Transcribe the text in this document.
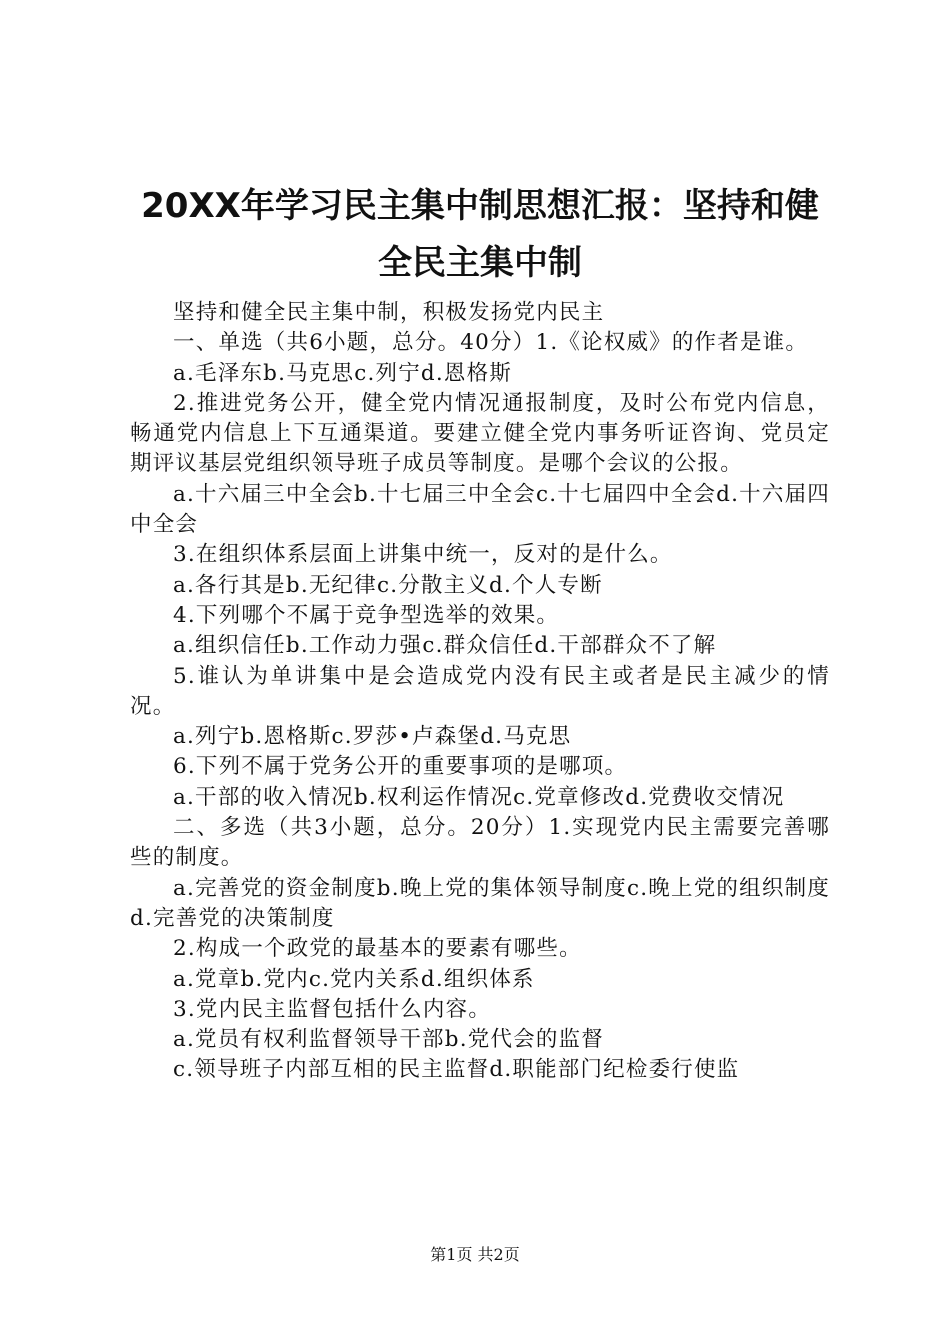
20XX年学习民主集中制思想汇报：坚持和健全民主集中制

坚持和健全民主集中制，积极发扬党内民主

一、单选（共6小题，总分。40分）1.《论权威》的作者是谁。

a.毛泽东b.马克思c.列宁d.恩格斯

2.推进党务公开，健全党内情况通报制度，及时公布党内信息，畅通党内信息上下互通渠道。要建立健全党内事务听证咨询、党员定期评议基层党组织领导班子成员等制度。是哪个会议的公报。

a.十六届三中全会b.十七届三中全会c.十七届四中全会d.十六届四中全会

3.在组织体系层面上讲集中统一，反对的是什么。

a.各行其是b.无纪律c.分散主义d.个人专断

4.下列哪个不属于竞争型选举的效果。

a.组织信任b.工作动力强c.群众信任d.干部群众不了解

5.谁认为单讲集中是会造成党内没有民主或者是民主减少的情况。

a.列宁b.恩格斯c.罗莎•卢森堡d.马克思

6.下列不属于党务公开的重要事项的是哪项。

a.干部的收入情况b.权利运作情况c.党章修改d.党费收交情况

二、多选（共3小题，总分。20分）1.实现党内民主需要完善哪些的制度。

a.完善党的资金制度b.晚上党的集体领导制度c.晚上党的组织制度d.完善党的决策制度

2.构成一个政党的最基本的要素有哪些。

a.党章b.党内c.党内关系d.组织体系

3.党内民主监督包括什么内容。

a.党员有权利监督领导干部b.党代会的监督

c.领导班子内部互相的民主监督d.职能部门纪检委行使监

第1页 共2页
